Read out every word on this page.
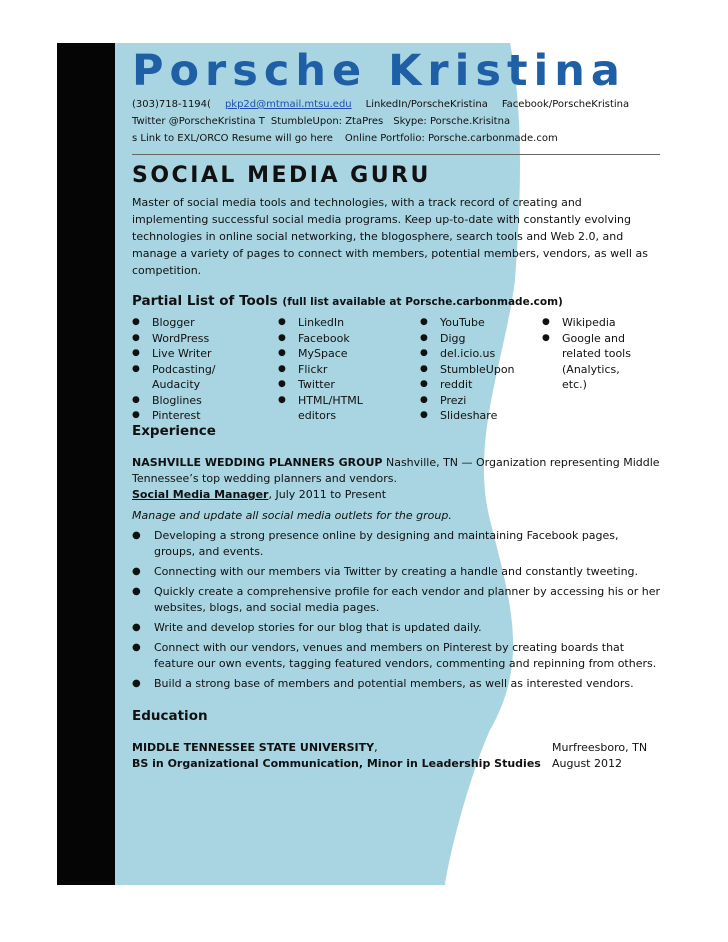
Porsche Kristina
(303)718-1194( pkp2d@mtmail.mtsu.edu LinkedIn/PorscheKristina Facebook/PorscheKristina
Twitter @PorscheKristina T StumbleUpon: ZtaPres Skype: Porsche.Krisitna
s Link to EXL/ORCO Resume will go here Online Portfolio: Porsche.carbonmade.com
SOCIAL MEDIA GURU

Master of social media tools and technologies, with a track record of creating and implementing successful social media programs. Keep up-to-date with constantly evolving technologies in online social networking, the blogosphere, search tools and Web 2.0, and manage a variety of pages to connect with members, potential members, vendors, as well as competition.

Partial List of Tools (full list available at Porsche.carbonmade.com)
● Blogger
● WordPress
● Live Writer
● Podcasting/
Audacity
● Bloglines
● Pinterest
● LinkedIn
● Facebook
● MySpace
● Flickr
● Twitter
● HTML/HTML
editors
● YouTube
● Digg
● del.icio.us
● StumbleUpon
● reddit
● Prezi
● Slideshare
● Wikipedia
● Google and
related tools
(Analytics,
etc.)
Experience
NASHVILLE WEDDING PLANNERS GROUP Nashville, TN — Organization representing Middle Tennessee’s top wedding planners and vendors.
Social Media Manager, July 2011 to Present
Manage and update all social media outlets for the group.
● Developing a strong presence online by designing and maintaining Facebook pages, groups, and events.
● Connecting with our members via Twitter by creating a handle and constantly tweeting.
● Quickly create a comprehensive profile for each vendor and planner by accessing his or her websites, blogs, and social media pages.
● Write and develop stories for our blog that is updated daily.
● Connect with our vendors, venues and members on Pinterest by creating boards that feature our own events, tagging featured vendors, commenting and repinning from others.
● Build a strong base of members and potential members, as well as interested vendors.
Education
MIDDLE TENNESSEE STATE UNIVERSITY,	Murfreesboro, TN
BS in Organizational Communication, Minor in Leadership Studies August 2012
